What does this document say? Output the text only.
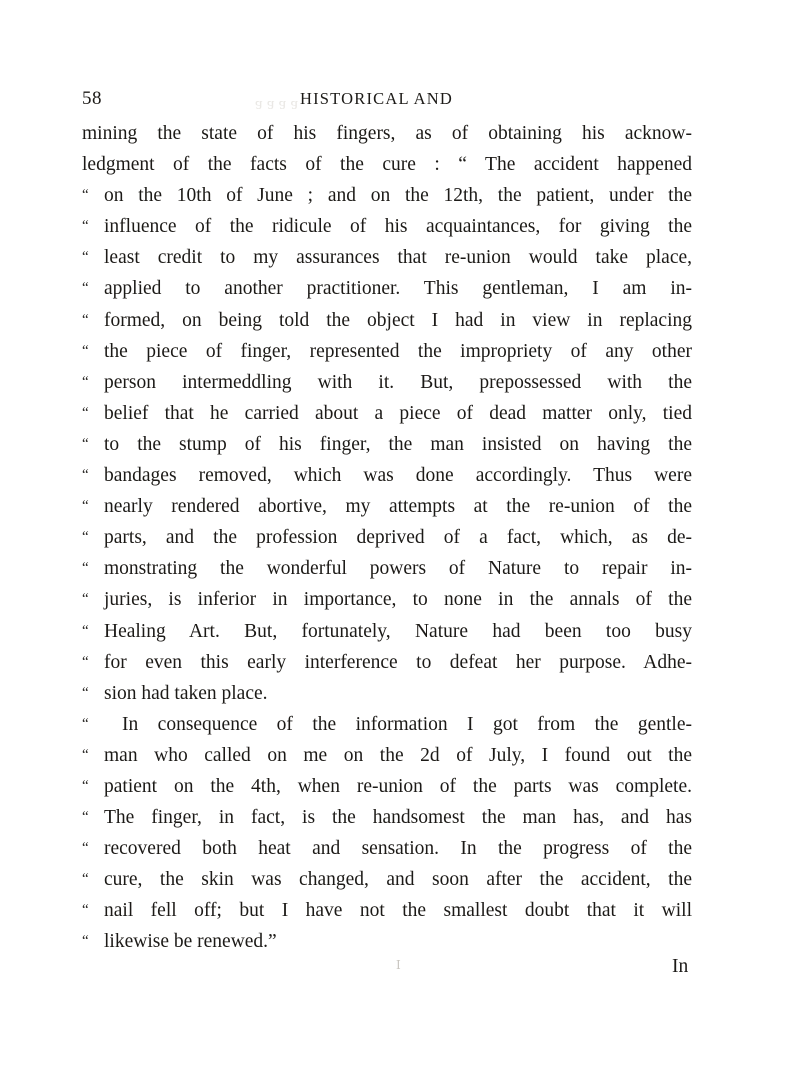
ɐ ɐ ɐ ɐ
58	HISTORICAL AND
mining the state of his fingers, as of obtaining his acknow-
ledgment of the facts of the cure : “ The accident happened
“ on the 10th of June ; and on the 12th, the patient, under the
“ influence of the ridicule of his acquaintances, for giving the
“ least credit to my assurances that re-union would take place,
“ applied to another practitioner. This gentleman, I am in-
“ formed, on being told the object I had in view in replacing
“ the piece of finger, represented the impropriety of any other
“ person intermeddling with it. But, prepossessed with the
“ belief that he carried about a piece of dead matter only, tied
“ to the stump of his finger, the man insisted on having the
“ bandages removed, which was done accordingly. Thus were
“ nearly rendered abortive, my attempts at the re-union of the
“ parts, and the profession deprived of a fact, which, as de-
“ monstrating the wonderful powers of Nature to repair in-
“ juries, is inferior in importance, to none in the annals of the
“ Healing Art. But, fortunately, Nature had been too busy
“ for even this early interference to defeat her purpose. Adhe-
“ sion had taken place.
“ In consequence of the information I got from the gentle-
“ man who called on me on the 2d of July, I found out the
“ patient on the 4th, when re-union of the parts was complete.
“ The finger, in fact, is the handsomest the man has, and has
“ recovered both heat and sensation. In the progress of the
“ cure, the skin was changed, and soon after the accident, the
“ nail fell off; but I have not the smallest doubt that it will
“ likewise be renewed.”
I	In
